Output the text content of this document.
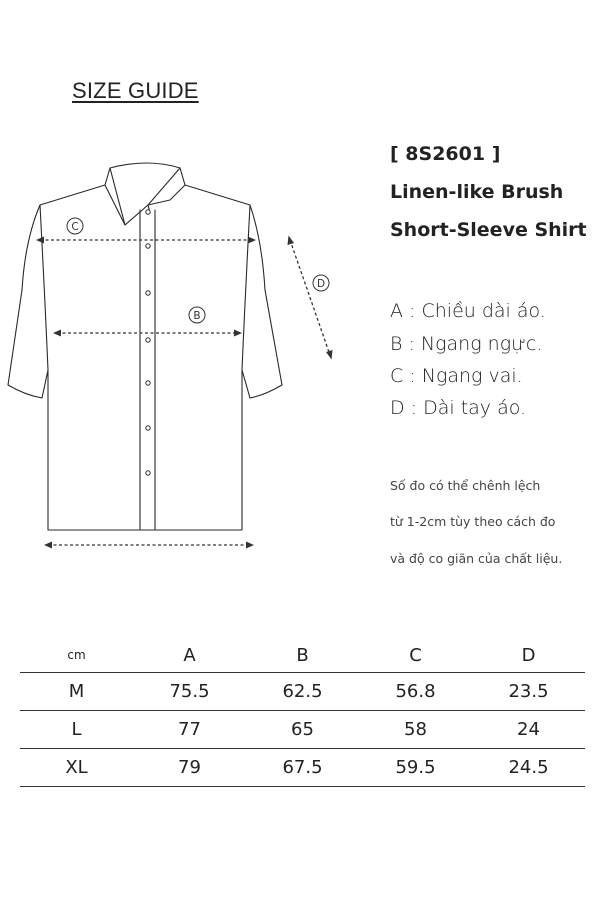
SIZE GUIDE
[ 8S2601 ]
Linen-like Brush
Short-Sleeve Shirt
C
B
D
A : Chiều dài áo.
B : Ngang ngực.
C : Ngang vai.
D : Dài tay áo.
Số đo có thể chênh lệch
từ 1-2cm tùy theo cách đo
và độ co giãn của chất liệu.
cm	A	B	C	D
M	75.5	62.5	56.8	23.5
L	77	65	58	24
XL	79	67.5	59.5	24.5
